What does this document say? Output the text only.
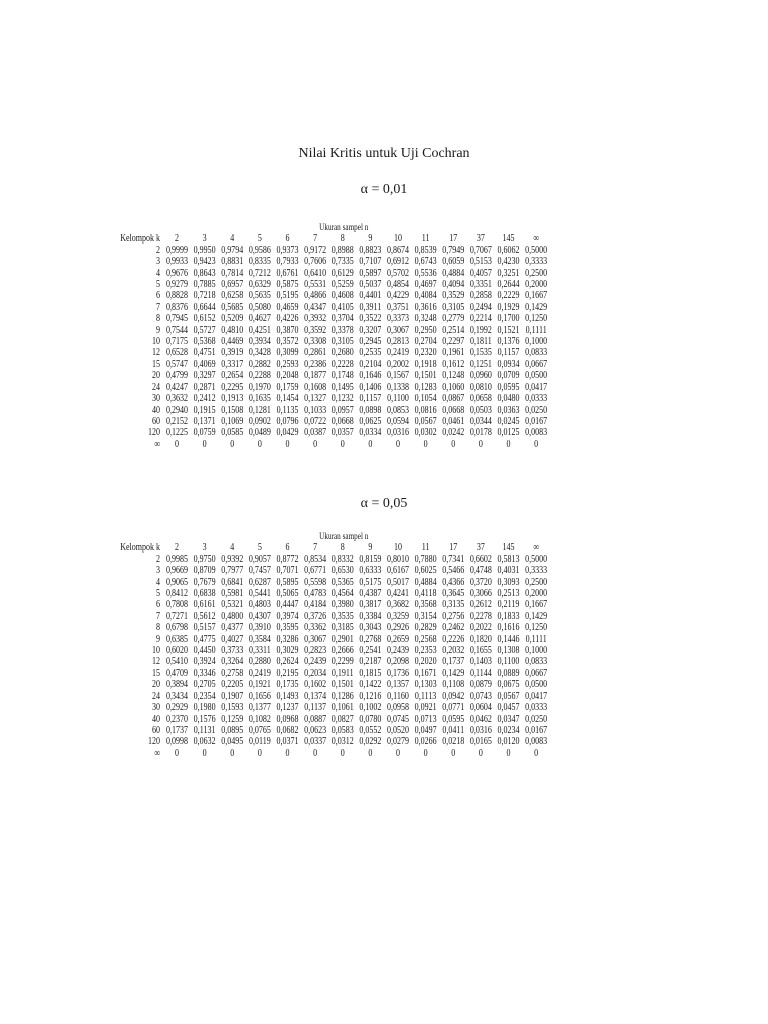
Nilai Kritis untuk Uji Cochran
α = 0,01
	Ukuran sampel n													
Kelompok k	2	3	4	5	6	7	8	9	10	11	17	37	145	∞
2	0,9999	0,9950	0,9794	0,9586	0,9373	0,9172	0,8988	0,8823	0,8674	0,8539	0,7949	0,7067	0,6062	0,5000
3	0,9933	0,9423	0,8831	0,8335	0,7933	0,7606	0,7335	0,7107	0,6912	0,6743	0,6059	0,5153	0,4230	0,3333
4	0,9676	0,8643	0,7814	0,7212	0,6761	0,6410	0,6129	0,5897	0,5702	0,5536	0,4884	0,4057	0,3251	0,2500
5	0,9279	0,7885	0,6957	0,6329	0,5875	0,5531	0,5259	0,5037	0,4854	0,4697	0,4094	0,3351	0,2644	0,2000
6	0,8828	0,7218	0,6258	0,5635	0,5195	0,4866	0,4608	0,4401	0,4229	0,4084	0,3529	0,2858	0,2229	0,1667
7	0,8376	0,6644	0,5685	0,5080	0,4659	0,4347	0,4105	0,3911	0,3751	0,3616	0,3105	0,2494	0,1929	0,1429
8	0,7945	0,6152	0,5209	0,4627	0,4226	0,3932	0,3704	0,3522	0,3373	0,3248	0,2779	0,2214	0,1700	0,1250
9	0,7544	0,5727	0,4810	0,4251	0,3870	0,3592	0,3378	0,3207	0,3067	0,2950	0,2514	0,1992	0,1521	0,1111
10	0,7175	0,5368	0,4469	0,3934	0,3572	0,3308	0,3105	0,2945	0,2813	0,2704	0,2297	0,1811	0,1376	0,1000
12	0,6528	0,4751	0,3919	0,3428	0,3099	0,2861	0,2680	0,2535	0,2419	0,2320	0,1961	0,1535	0,1157	0,0833
15	0,5747	0,4069	0,3317	0,2882	0,2593	0,2386	0,2228	0,2104	0,2002	0,1918	0,1612	0,1251	0,0934	0,0667
20	0,4799	0,3297	0,2654	0,2288	0,2048	0,1877	0,1748	0,1646	0,1567	0,1501	0,1248	0,0960	0,0709	0,0500
24	0,4247	0,2871	0,2295	0,1970	0,1759	0,1608	0,1495	0,1406	0,1338	0,1283	0,1060	0,0810	0,0595	0,0417
30	0,3632	0,2412	0,1913	0,1635	0,1454	0,1327	0,1232	0,1157	0,1100	0,1054	0,0867	0,0658	0,0480	0,0333
40	0,2940	0,1915	0,1508	0,1281	0,1135	0,1033	0,0957	0,0898	0,0853	0,0816	0,0668	0,0503	0,0363	0,0250
60	0,2152	0,1371	0,1069	0,0902	0,0796	0,0722	0,0668	0,0625	0,0594	0,0567	0,0461	0,0344	0,0245	0,0167
120	0,1225	0,0759	0,0585	0,0489	0,0429	0,0387	0,0357	0,0334	0,0316	0,0302	0,0242	0,0178	0,0125	0,0083
∞	0	0	0	0	0	0	0	0	0	0	0	0	0	0
α = 0,05
	Ukuran sampel n													
Kelompok k	2	3	4	5	6	7	8	9	10	11	17	37	145	∞
2	0,9985	0,9750	0,9392	0,9057	0,8772	0,8534	0,8332	0,8159	0,8010	0,7880	0,7341	0,6602	0,5813	0,5000
3	0,9669	0,8709	0,7977	0,7457	0,7071	0,6771	0,6530	0,6333	0,6167	0,6025	0,5466	0,4748	0,4031	0,3333
4	0,9065	0,7679	0,6841	0,6287	0,5895	0,5598	0,5365	0,5175	0,5017	0,4884	0,4366	0,3720	0,3093	0,2500
5	0,8412	0,6838	0,5981	0,5441	0,5065	0,4783	0,4564	0,4387	0,4241	0,4118	0,3645	0,3066	0,2513	0,2000
6	0,7808	0,6161	0,5321	0,4803	0,4447	0,4184	0,3980	0,3817	0,3682	0,3568	0,3135	0,2612	0,2119	0,1667
7	0,7271	0,5612	0,4800	0,4307	0,3974	0,3726	0,3535	0,3384	0,3259	0,3154	0,2756	0,2278	0,1833	0,1429
8	0,6798	0,5157	0,4377	0,3910	0,3595	0,3362	0,3185	0,3043	0,2926	0,2829	0,2462	0,2022	0,1616	0,1250
9	0,6385	0,4775	0,4027	0,3584	0,3286	0,3067	0,2901	0,2768	0,2659	0,2568	0,2226	0,1820	0,1446	0,1111
10	0,6020	0,4450	0,3733	0,3311	0,3029	0,2823	0,2666	0,2541	0,2439	0,2353	0,2032	0,1655	0,1308	0,1000
12	0,5410	0,3924	0,3264	0,2880	0,2624	0,2439	0,2299	0,2187	0,2098	0,2020	0,1737	0,1403	0,1100	0,0833
15	0,4709	0,3346	0,2758	0,2419	0,2195	0,2034	0,1911	0,1815	0,1736	0,1671	0,1429	0,1144	0,0889	0,0667
20	0,3894	0,2705	0,2205	0,1921	0,1735	0,1602	0,1501	0,1422	0,1357	0,1303	0,1108	0,0879	0,0675	0,0500
24	0,3434	0,2354	0,1907	0,1656	0,1493	0,1374	0,1286	0,1216	0,1160	0,1113	0,0942	0,0743	0,0567	0,0417
30	0,2929	0,1980	0,1593	0,1377	0,1237	0,1137	0,1061	0,1002	0,0958	0,0921	0,0771	0,0604	0,0457	0,0333
40	0,2370	0,1576	0,1259	0,1082	0,0968	0,0887	0,0827	0,0780	0,0745	0,0713	0,0595	0,0462	0,0347	0,0250
60	0,1737	0,1131	0,0895	0,0765	0,0682	0,0623	0,0583	0,0552	0,0520	0,0497	0,0411	0,0316	0,0234	0,0167
120	0,0998	0,0632	0,0495	0,0119	0,0371	0,0337	0,0312	0,0292	0,0279	0,0266	0,0218	0,0165	0,0120	0,0083
∞	0	0	0	0	0	0	0	0	0	0	0	0	0	0
